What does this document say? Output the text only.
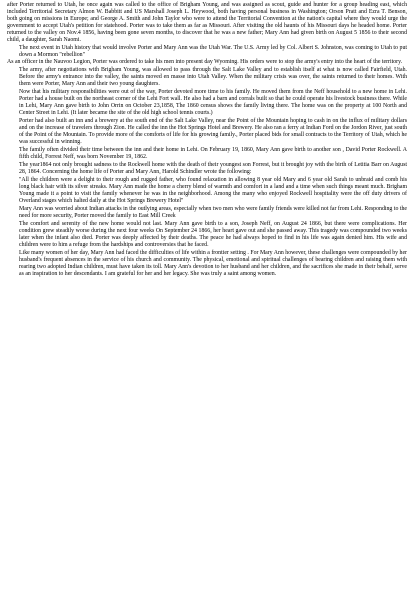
after Porter returned to Utah, he once again was called to the office of Brigham Young, and was assigned as scout, guide and hunter for a group heading east, which included Territorial Secretary Almon W. Babbitt and US Marshall Joseph L. Heywood, both having personal business in Washington; Orson Pratt and Ezra T. Benson, both going on missions in Europe; and George A. Smith and John Taylor who were to attend the Territorial Convention at the nation's capital where they would urge the government to accept Utah's petition for statehood. Porter was to take them as far as Missouri. After visiting the old haunts of his Missouri days he headed home. Porter returned to the valley on Nov.4 1856, having been gone seven months, to discover that he was a new father; Mary Ann had given birth on August 5 1856 to their second child, a daughter, Sarah Naomi.

The next event in Utah history that would involve Porter and Mary Ann was the Utah War. The U.S. Army led by Col. Albert S. Johnston, was coming to Utah to put down a Mormon "rebellion"

As an officer in the Nauvoo Legion, Porter was ordered to take his men into present day Wyoming. His orders were to stop the army's entry into the heart of the territory.

The army, after negotiations with Brigham Young, was allowed to pass through the Salt Lake Valley and to establish itself at what is now called Fairfield, Utah. Before the army's entrance into the valley, the saints moved en masse into Utah Valley. When the military crisis was over, the saints returned to their homes. With them were Porter, Mary Ann and their two young daughters.

Now that his military responsibilities were out of the way, Porter devoted more time to his family. He moved them from the Neff household to a new home in Lehi. Porter had a house built on the northeast corner of the Lehi Fort wall. He also had a barn and corrals built so that he could operate his livestock business there. While in Lehi, Mary Ann gave birth to John Orrin on October 23,1858, The 1860 census shows the family living there. The home was on the property at 100 North and Center Street in Lehi. (It later became the site of the old high school tennis courts.)

Porter had also built an inn and a brewery at the south end of the Salt Lake Valley, near the Point of the Mountain hoping to cash in on the influx of military dollars and on the increase of travelers through Zion. He called the inn the Hot Springs Hotel and Brewery. He also ran a ferry at Indian Ford on the Jordon River, just south of the Point of the Mountain. To provide more of the comforts of life for his growing family., Porter placed bids for small contracts to the Territory of Utah, which he was successful in winning.

The family often divided their time between the inn and their home in Lehi. On February 19, 1860, Mary Ann gave birth to another son , David Porter Rockwell. A fifth child, Forrest Neff, was born November 19, 1862.

The year1864 not only brought sadness to the Rockwell home with the death of their youngest son Forrest, but it brought joy with the birth of Letitia Barr on August 28, 1864. Concerning the home life of Porter and Mary Ann, Harold Schindler wrote the following:

"All the children were a delight to their rough and rugged father, who found relaxation in allowing 8 year old Mary and 6 year old Sarah to unbraid and comb his long black hair with its silver streaks. Mary Ann made the home a cherry blend of warmth and comfort in a land and a time when such things meant much. Brigham Young made it a point to visit the family whenever he was in the neighborhood. Among the many who enjoyed Rockwell hospitality were the off duty drivers of Overland stages which halted daily at the Hot Springs Brewery Hotel"

Mary Ann was worried about Indian attacks in the outlying areas, especially when two men who were family friends were killed not far from Lehi. Responding to the need for more security, Porter moved the family to East Mill Creek

The comfort and serenity of the new home would not last. Mary Ann gave birth to a son, Joseph Neff, on August 24 1866, but there were complications. Her condition grew steadily worse during the next four weeks On September 24 1866, her heart gave out and she passed away. This tragedy was compounded two weeks later when the infant also died. Porter was deeply affected by their deaths. The peace he had always hoped to find in his life was again denied him. His wife and children were to him a refuge from the hardships and controversies that he faced.

Like many women of her day, Mary Ann had faced the difficulties of life within a frontier setting . For Mary Ann however, these challenges were compounded by her husband's frequent absences in the service of his church and community. The physical, emotional and spiritual challenges of bearing children and raising them with rearing two adopted Indian children, must have taken its toll. Mary Ann's devotion to her husband and her children, and the sacrifices she made in their behalf, serve as an inspiration to her descendants. I am grateful for her and her legacy. She was truly a saint among women.
